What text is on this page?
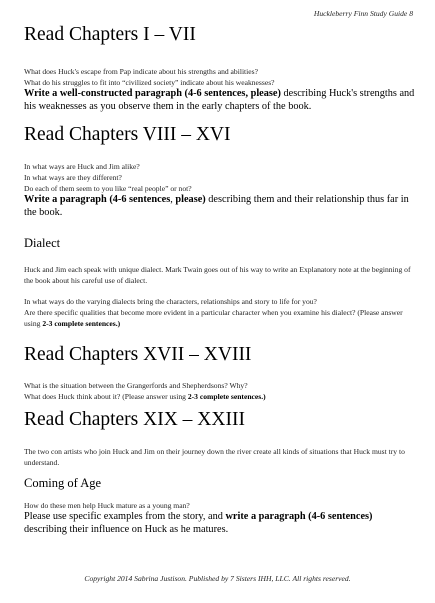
Huckleberry Finn Study Guide 8
Read Chapters I – VII

What does Huck's escape from Pap indicate about his strengths and abilities?

What do his struggles to fit into “civilized society” indicate about his weaknesses?

Write a well-constructed paragraph (4-6 sentences, please) describing Huck's strengths and his weaknesses as you observe them in the early chapters of the book.

Read Chapters VIII – XVI

In what ways are Huck and Jim alike?

In what ways are they different?

Do each of them seem to you like “real people” or not?

Write a paragraph (4-6 sentences, please) describing them and their relationship thus far in the book.

Dialect

Huck and Jim each speak with unique dialect. Mark Twain goes out of his way to write an Explanatory note at the beginning of the book about his careful use of dialect.

In what ways do the varying dialects bring the characters, relationships and story to life for you?

Are there specific qualities that become more evident in a particular character when you examine his dialect? (Please answer using 2-3 complete sentences.)

Read Chapters XVII – XVIII

What is the situation between the Grangerfords and Shepherdsons? Why?

What does Huck think about it? (Please answer using 2-3 complete sentences.)

Read Chapters XIX – XXIII

The two con artists who join Huck and Jim on their journey down the river create all kinds of situations that Huck must try to understand.

Coming of Age

How do these men help Huck mature as a young man?

Please use specific examples from the story, and write a paragraph (4-6 sentences) describing their influence on Huck as he matures.

Copyright 2014 Sabrina Justison. Published by 7 Sisters IHH, LLC. All rights reserved.
